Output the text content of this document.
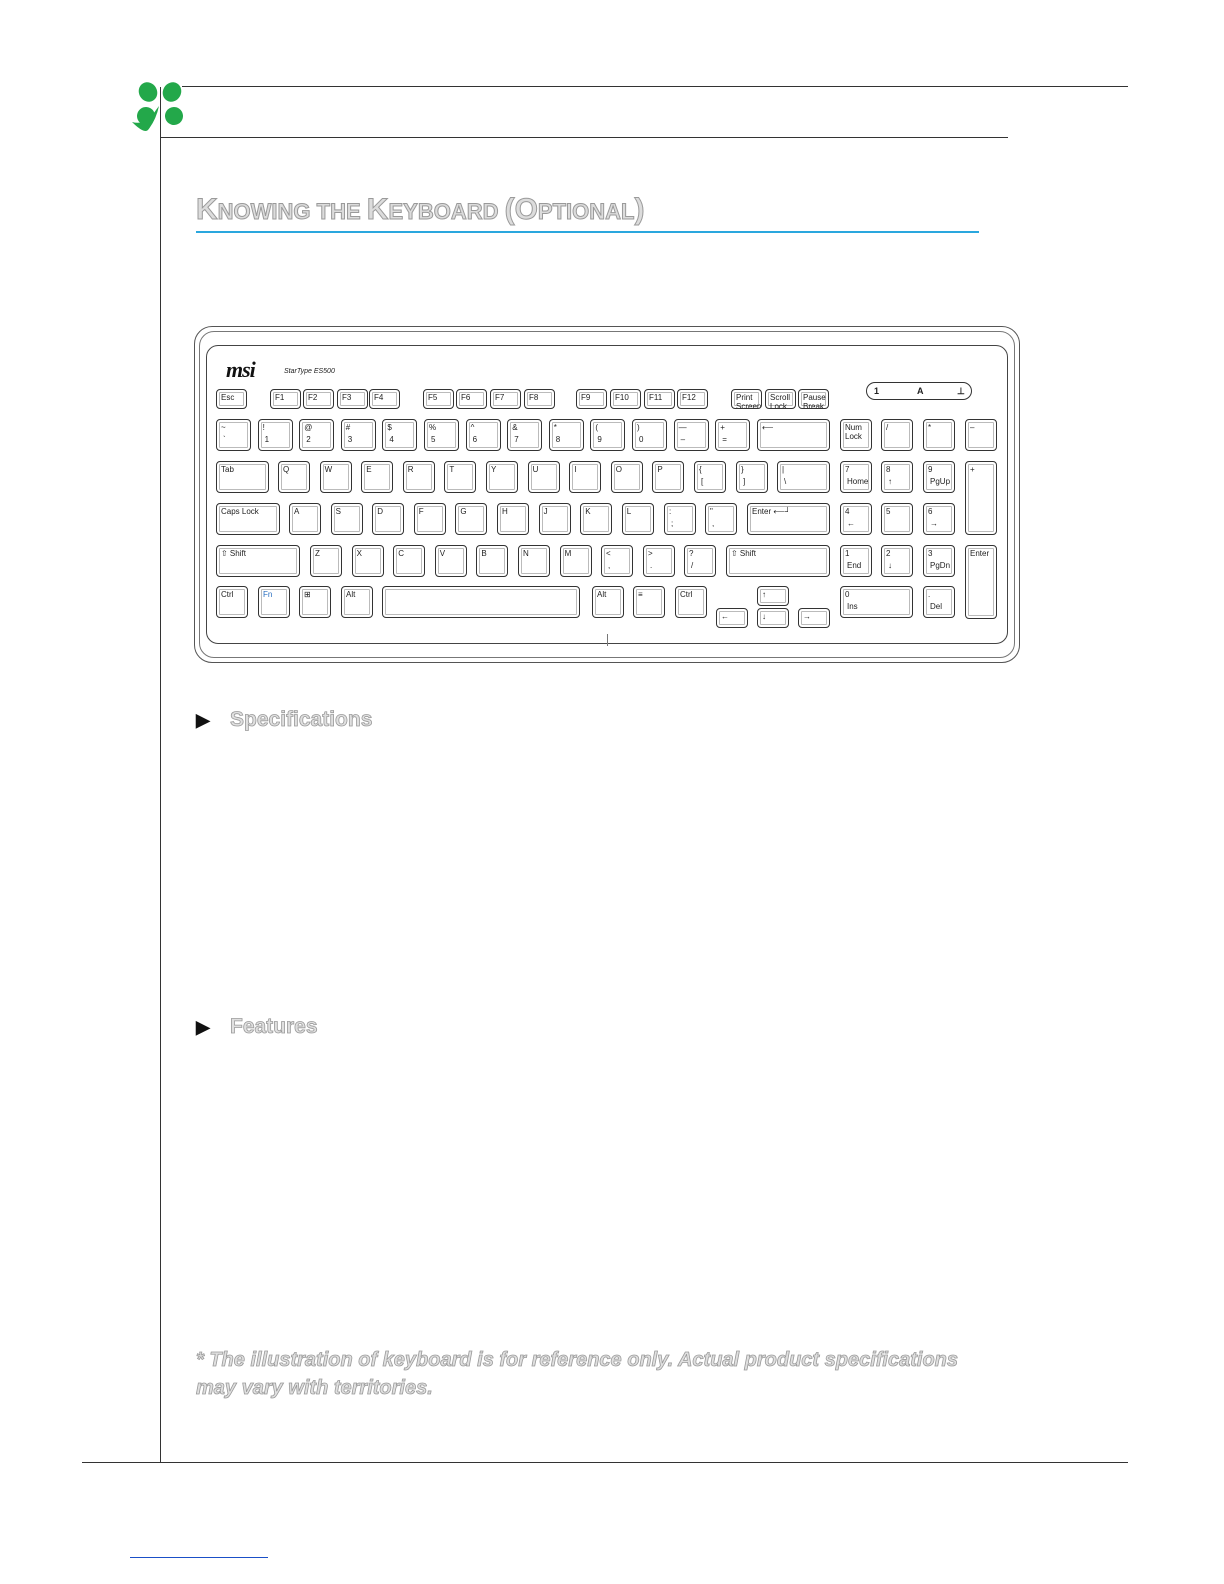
KNOWING THE KEYBOARD (OPTIONAL)
msi	StarType ES500
1	A	⊥
Esc	F1	F2	F3	F4	F5	F6	F7	F8	F9	F10	F11	F12	Print Screen
Scroll Lock
Pause Break
~
`
!
1
@
2
#
3
$
4
%
5
^
6
&
7
*
8
(
9
)
0
—
–
+
=
⟵	Num Lock
/	*	–
Tab	Q	W	E	R	T	Y	U	I	O	P	{
[
}
]
|
\
7
Home
8
↑
9
PgUp
+
Caps Lock	A	S	D	F	G	H	J	K	L	:
;
"
,
Enter ⟵┘	4
←
5	6
→
⇧ Shift	Z	X	C	V	B	N	M	<
,
>
.
?
/
⇧ Shift	1
End
2
↓
3
PgDn
Enter
Ctrl	Fn	⊞	Alt	Alt	≡	Ctrl	↑
←	↓	→
0
Ins
.
Del
▶ Specifications
▶ Features
* The illustration of keyboard is for reference only. Actual product specifications may vary with territories.
